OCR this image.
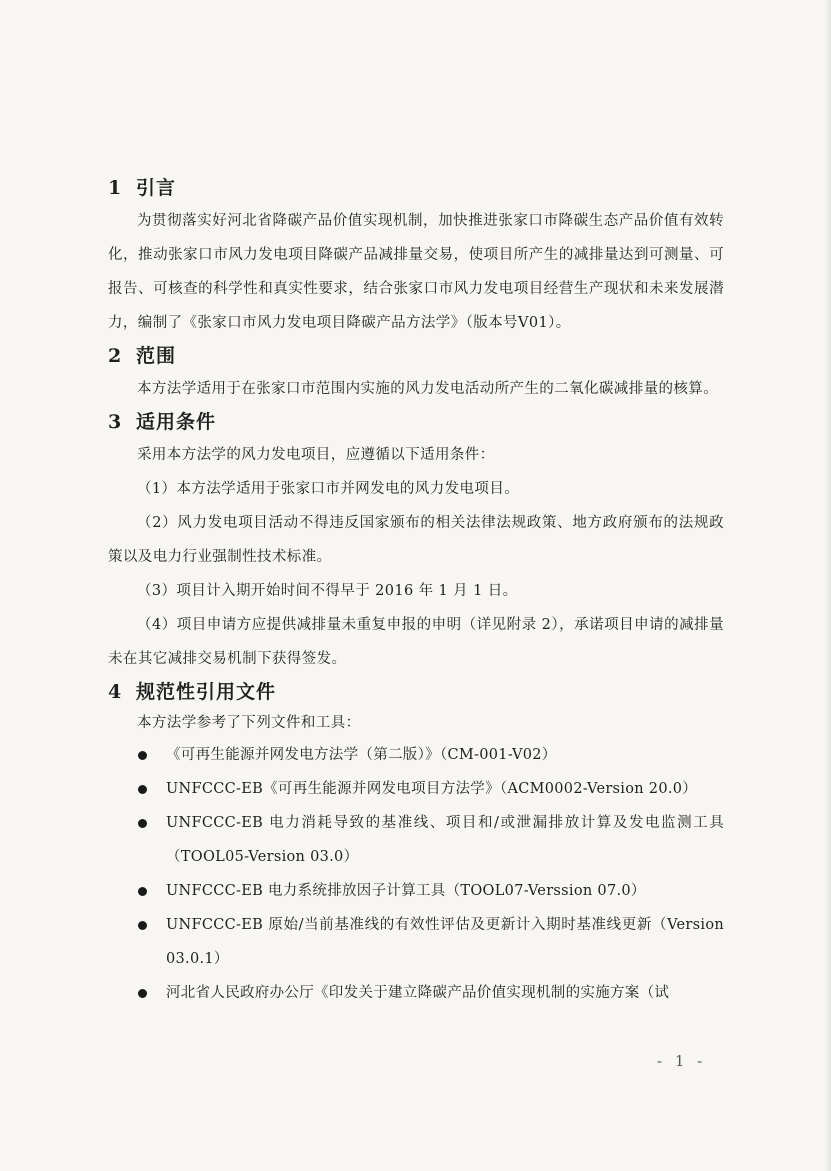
1 引言

为贯彻落实好河北省降碳产品价值实现机制，加快推进张家口市降碳生态产品价值有效转化，推动张家口市风力发电项目降碳产品减排量交易，使项目所产生的减排量达到可测量、可报告、可核查的科学性和真实性要求，结合张家口市风力发电项目经营生产现状和未来发展潜力，编制了《张家口市风力发电项目降碳产品方法学》（版本号V01）。

2 范围

本方法学适用于在张家口市范围内实施的风力发电活动所产生的二氧化碳减排量的核算。

3 适用条件

采用本方法学的风力发电项目，应遵循以下适用条件：

（1）本方法学适用于张家口市并网发电的风力发电项目。

（2）风力发电项目活动不得违反国家颁布的相关法律法规政策、地方政府颁布的法规政策以及电力行业强制性技术标准。

（3）项目计入期开始时间不得早于 2016 年 1 月 1 日。

（4）项目申请方应提供减排量未重复申报的申明（详见附录 2），承诺项目申请的减排量未在其它减排交易机制下获得签发。

4 规范性引用文件

本方法学参考了下列文件和工具：

《可再生能源并网发电方法学（第二版）》（CM-001-V02）
UNFCCC-EB《可再生能源并网发电项目方法学》（ACM0002-Version 20.0）
UNFCCC-EB 电力消耗导致的基准线、项目和/或泄漏排放计算及发电监测工具（TOOL05-Version 03.0）
UNFCCC-EB 电力系统排放因子计算工具（TOOL07-Verssion 07.0）
UNFCCC-EB 原始/当前基准线的有效性评估及更新计入期时基准线更新（Version 03.0.1）
河北省人民政府办公厅《印发关于建立降碳产品价值实现机制的实施方案（试
- 1 -
